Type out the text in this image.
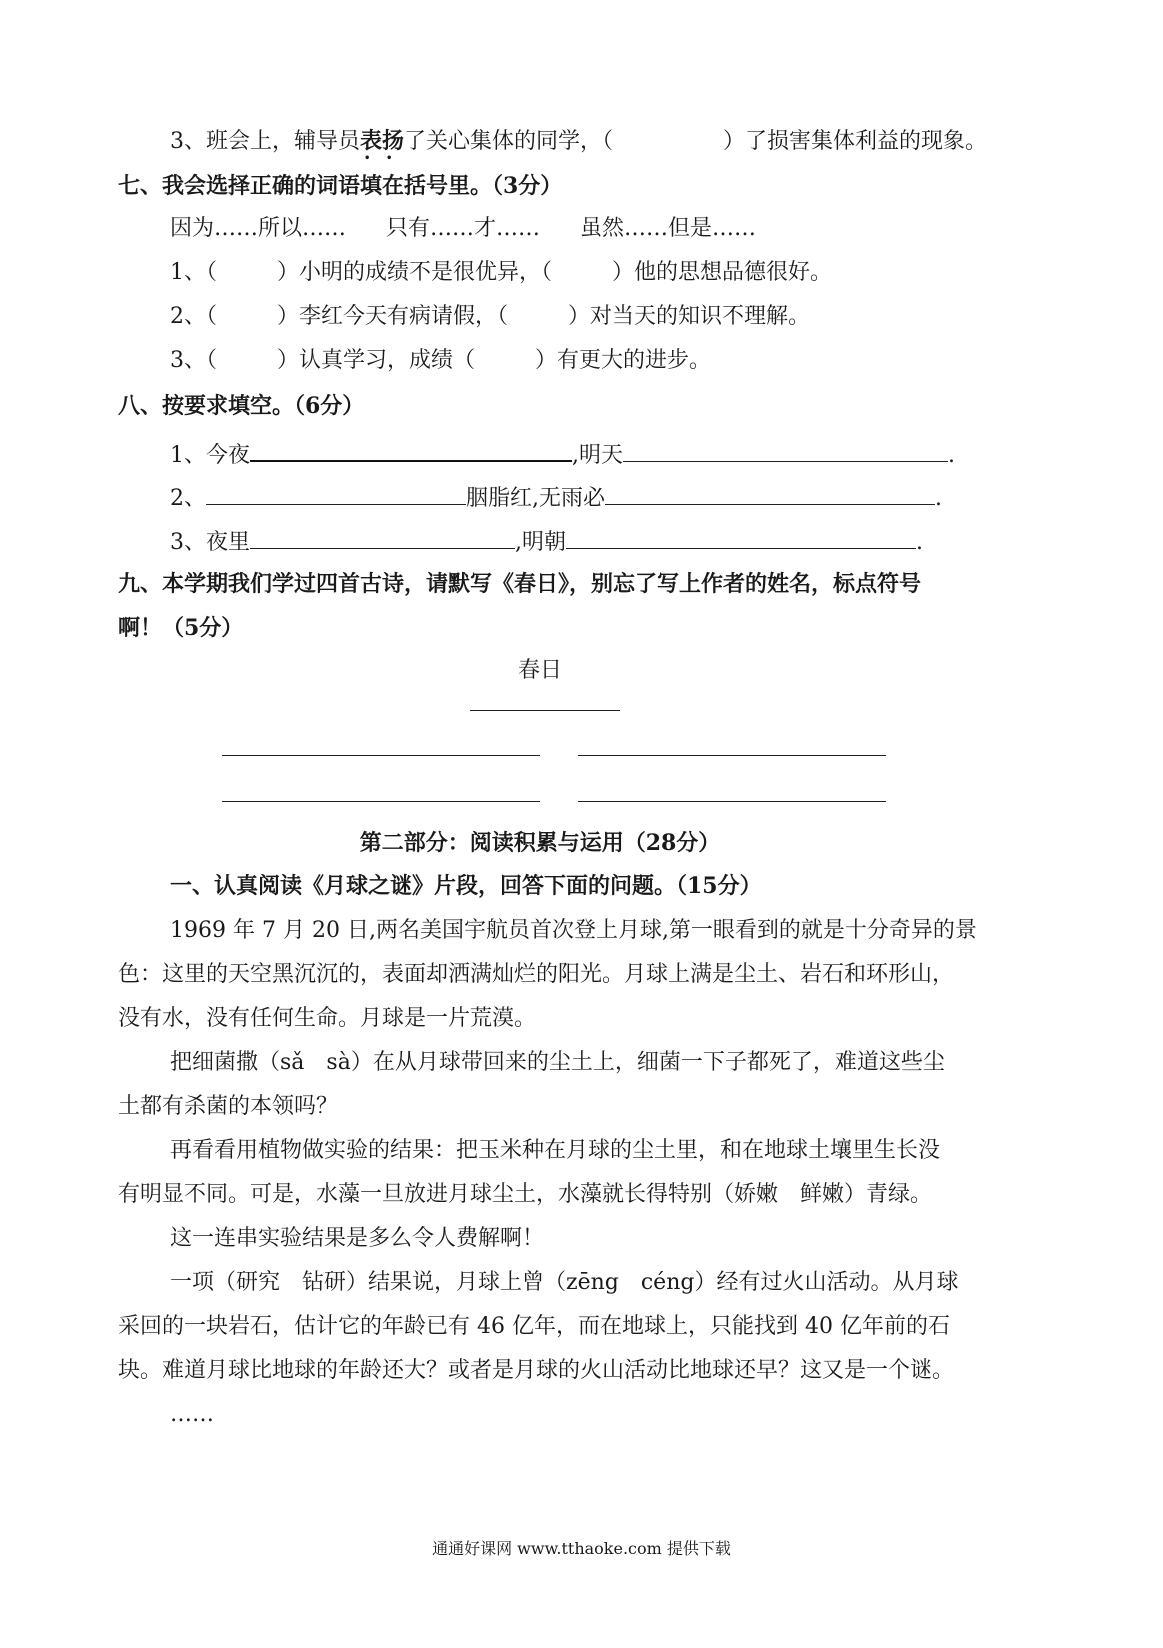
3、班会上，辅导员表扬
• •
了关心集体的同学，（	）了损害集体利益的现象。
七、我会选择正确的词语填在括号里。（3分）
因为……所以…… 只有……才…… 虽然……但是……
1、（	）小明的成绩不是很优异，（	）他的思想品德很好。
2、（	）李红今天有病请假，（	）对当天的知识不理解。
3、（	）认真学习，成绩（	）有更大的进步。
八、按要求填空。（6分）
1、今夜	,明天	.
2、	胭脂红,无雨必	.
3、夜里	,明朝	.
九、本学期我们学过四首古诗，请默写《春日》，别忘了写上作者的姓名，标点符号
啊！（5分）
春日
第二部分：阅读积累与运用（28分）
一、认真阅读《月球之谜》片段，回答下面的问题。（15分）
1969 年 7 月 20 日,两名美国宇航员首次登上月球,第一眼看到的就是十分奇异的景
色：这里的天空黑沉沉的，表面却洒满灿烂的阳光。月球上满是尘土、岩石和环形山，
没有水，没有任何生命。月球是一片荒漠。
把细菌撒（sǎ　sà）在从月球带回来的尘土上，细菌一下子都死了，难道这些尘
土都有杀菌的本领吗？
再看看用植物做实验的结果：把玉米种在月球的尘土里，和在地球土壤里生长没
有明显不同。可是，水藻一旦放进月球尘土，水藻就长得特别（娇嫩　鲜嫩）青绿。
这一连串实验结果是多么令人费解啊！
一项（研究　钻研）结果说，月球上曾（zēng　céng）经有过火山活动。从月球
采回的一块岩石，估计它的年龄已有 46 亿年，而在地球上，只能找到 40 亿年前的石
块。难道月球比地球的年龄还大？或者是月球的火山活动比地球还早？这又是一个谜。
……
通通好课网 www.tthaoke.com 提供下载
